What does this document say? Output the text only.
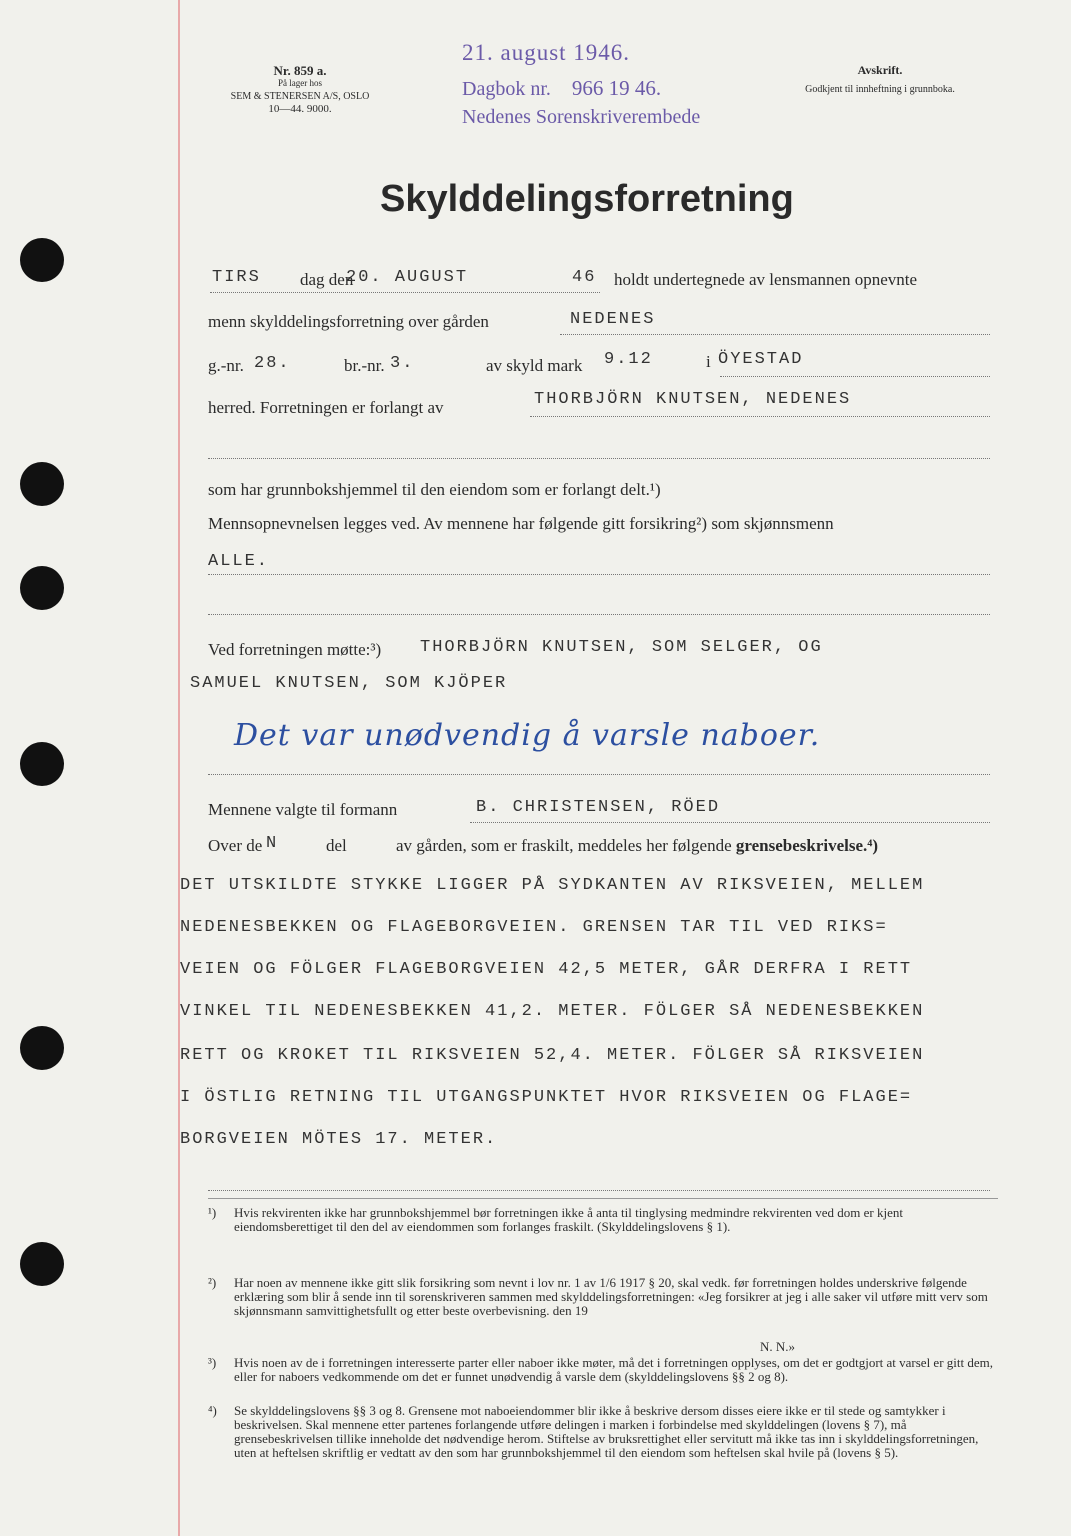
Nr. 859 a.
På lager hos
SEM & STENERSEN A/S, OSLO
10—44. 9000.
21. august 1946.
Dagbok nr. 966 19 46.
Nedenes Sorenskriverembede
Avskrift.
Godkjent til innheftning i grunnboka.
Skylddelingsforretning
TIRS dag den
20. AUGUST	46 holdt undertegnede av lensmannen opnevnte
menn skylddelingsforretning over gården	NEDENES
g.-nr. 28.	br.-nr. 3.	av skyld mark 9.12	i ÖYESTAD
herred. Forretningen er forlangt av	THORBJÖRN KNUTSEN, NEDENES
som har grunnbokshjemmel til den eiendom som er forlangt delt.¹)
Mennsopnevnelsen legges ved. Av mennene har følgende gitt forsikring²) som skjønnsmenn
ALLE.
Ved forretningen møtte:³) THORBJÖRN KNUTSEN, SOM SELGER, OG
SAMUEL KNUTSEN, SOM KJÖPER
Det var unødvendig å varsle naboer.
Mennene valgte til formann	B. CHRISTENSEN, RÖED
Over de N	del	av gården, som er fraskilt, meddeles her følgende grensebeskrivelse.⁴)
DET UTSKILDTE STYKKE LIGGER PÅ SYDKANTEN AV RIKSVEIEN, MELLEM
NEDENESBEKKEN OG FLAGEBORGVEIEN. GRENSEN TAR TIL VED RIKS=
VEIEN OG FÖLGER FLAGEBORGVEIEN 42,5 METER, GÅR DERFRA I RETT
VINKEL TIL NEDENESBEKKEN 41,2. METER. FÖLGER SÅ NEDENESBEKKEN
RETT OG KROKET TIL RIKSVEIEN 52,4. METER. FÖLGER SÅ RIKSVEIEN
I ÖSTLIG RETNING TIL UTGANGSPUNKTET HVOR RIKSVEIEN OG FLAGE=
BORGVEIEN MÖTES 17. METER.
¹) Hvis rekvirenten ikke har grunnbokshjemmel bør forretningen ikke å anta til tinglysing medmindre rekvirenten ved dom er kjent eiendomsberettiget til den del av eiendommen som forlanges fraskilt. (Skylddelingslovens § 1).
²) Har noen av mennene ikke gitt slik forsikring som nevnt i lov nr. 1 av 1/6 1917 § 20, skal vedk. før forretningen holdes underskrive følgende erklæring som blir å sende inn til sorenskriveren sammen med skylddelingsforretningen: «Jeg forsikrer at jeg i alle saker vil utføre mitt verv som skjønnsmann samvittighetsfullt og etter beste overbevisning. den 19
N. N.»
³) Hvis noen av de i forretningen interesserte parter eller naboer ikke møter, må det i forretningen opplyses, om det er godtgjort at varsel er gitt dem, eller for naboers vedkommende om det er funnet unødvendig å varsle dem (skylddelingslovens §§ 2 og 8).
⁴) Se skylddelingslovens §§ 3 og 8. Grensene mot naboeiendommer blir ikke å beskrive dersom disses eiere ikke er til stede og samtykker i beskrivelsen. Skal mennene etter partenes forlangende utføre delingen i marken i forbindelse med skylddelingen (lovens § 7), må grensebeskrivelsen tillike inneholde det nødvendige herom. Stiftelse av bruksrettighet eller servitutt må ikke tas inn i skylddelingsforretningen, uten at heftelsen skriftlig er vedtatt av den som har grunnbokshjemmel til den eiendom som heftelsen skal hvile på (lovens § 5).
